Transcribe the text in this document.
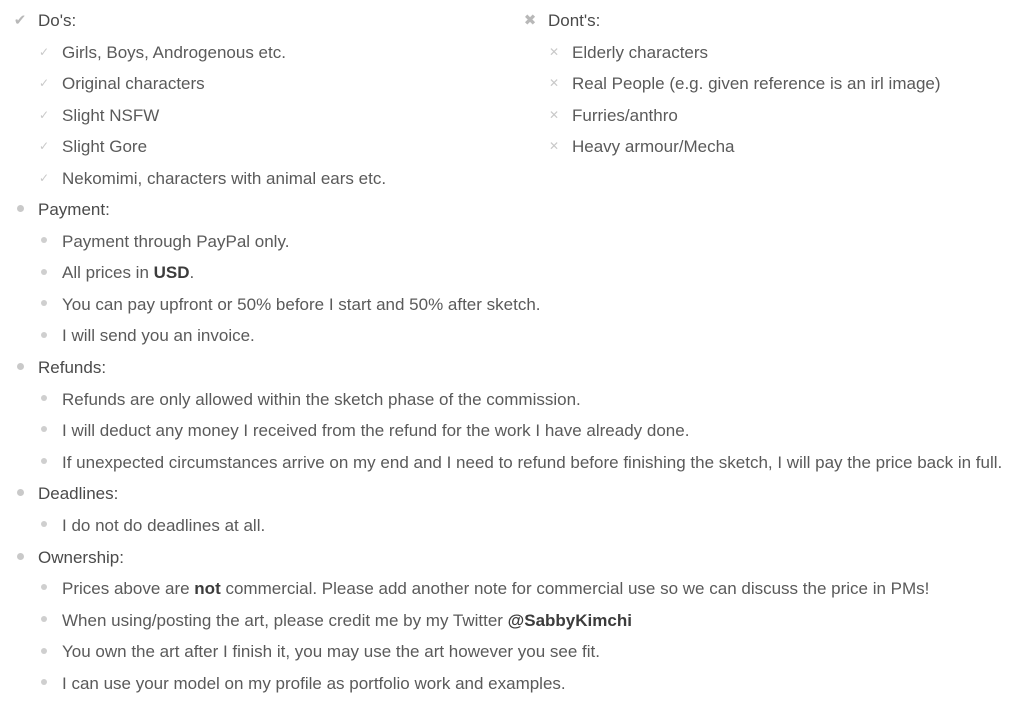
✔ Do's:
✓ Girls, Boys, Androgenous etc.
✓ Original characters
✓ Slight NSFW
✓ Slight Gore
✓ Nekomimi, characters with animal ears etc.
✖ Dont's:
✕ Elderly characters
✕ Real People (e.g. given reference is an irl image)
✕ Furries/anthro
✕ Heavy armour/Mecha
Payment:
Payment through PayPal only.
All prices in USD.
You can pay upfront or 50% before I start and 50% after sketch.
I will send you an invoice.
Refunds:
Refunds are only allowed within the sketch phase of the commission.
I will deduct any money I received from the refund for the work I have already done.
If unexpected circumstances arrive on my end and I need to refund before finishing the sketch, I will pay the price back in full.
Deadlines:
I do not do deadlines at all.
Ownership:
Prices above are not commercial. Please add another note for commercial use so we can discuss the price in PMs!
When using/posting the art, please credit me by my Twitter @SabbyKimchi
You own the art after I finish it, you may use the art however you see fit.
I can use your model on my profile as portfolio work and examples.
